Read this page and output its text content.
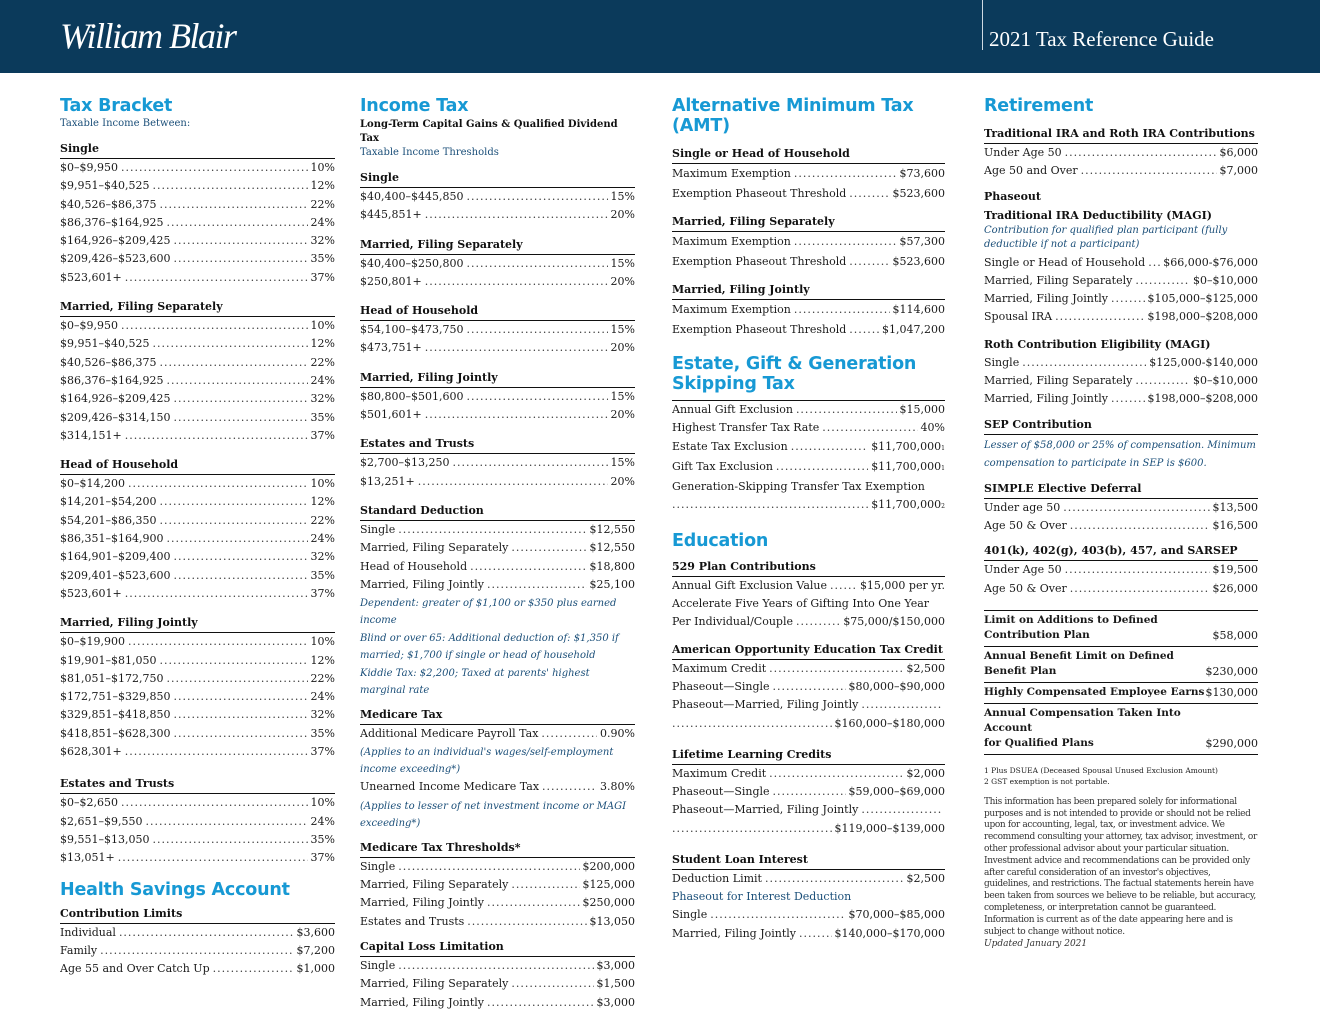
William Blair	2021 Tax Reference Guide
Tax Bracket
Taxable Income Between:
Single
$0–$9,950 .....	10%
$9,951–$40,525 .....	12%
$40,526–$86,375 .....	22%
$86,376–$164,925 .....	24%
$164,926–$209,425 .....	32%
$209,426–$523,600 .....	35%
$523,601+ .....	37%
Married, Filing Separately
$0–$9,950 .....	10%
$9,951–$40,525 .....	12%
$40,526–$86,375 .....	22%
$86,376–$164,925 .....	24%
$164,926–$209,425 .....	32%
$209,426–$314,150 .....	35%
$314,151+ .....	37%
Head of Household
$0–$14,200 .....	10%
$14,201–$54,200 .....	12%
$54,201–$86,350 .....	22%
$86,351–$164,900 .....	24%
$164,901–$209,400 .....	32%
$209,401–$523,600 .....	35%
$523,601+ .....	37%
Married, Filing Jointly
$0–$19,900 .....	10%
$19,901–$81,050 .....	12%
$81,051–$172,750 .....	22%
$172,751–$329,850 .....	24%
$329,851–$418,850 .....	32%
$418,851–$628,300 .....	35%
$628,301+ .....	37%
Estates and Trusts
$0–$2,650 .....	10%
$2,651–$9,550 .....	24%
$9,551–$13,050 .....	35%
$13,051+ .....	37%
Health Savings Account
Contribution Limits
Individual .....	$3,600
Family .....	$7,200
Age 55 and Over Catch Up .....	$1,000
Income Tax
Long-Term Capital Gains & Qualified Dividend Tax
Taxable Income Thresholds
Single
$40,400–$445,850 .....	15%
$445,851+ .....	20%
Married, Filing Separately
$40,400–$250,800 .....	15%
$250,801+ .....	20%
Head of Household
$54,100–$473,750 .....	15%
$473,751+ .....	20%
Married, Filing Jointly
$80,800–$501,600 .....	15%
$501,601+ .....	20%
Estates and Trusts
$2,700–$13,250 .....	15%
$13,251+ .....	20%
Standard Deduction
Single .....	$12,550
Married, Filing Separately .....	$12,550
Head of Household .....	$18,800
Married, Filing Jointly .....	$25,100
Dependent: greater of $1,100 or $350 plus earned income
Blind or over 65: Additional deduction of: $1,350 if married; $1,700 if single or head of household
Kiddie Tax: $2,200; Taxed at parents' highest marginal rate
Medicare Tax
Additional Medicare Payroll Tax .....	0.90%
(Applies to an individual's wages/self-employment income exceeding*)
Unearned Income Medicare Tax .....	3.80%
(Applies to lesser of net investment income or MAGI exceeding*)
Medicare Tax Thresholds*
Single .....	$200,000
Married, Filing Separately .....	$125,000
Married, Filing Jointly .....	$250,000
Estates and Trusts .....	$13,050
Capital Loss Limitation
Single .....	$3,000
Married, Filing Separately .....	$1,500
Married, Filing Jointly .....	$3,000
Alternative Minimum Tax (AMT)
Single or Head of Household
Maximum Exemption .....	$73,600
Exemption Phaseout Threshold .....	$523,600
Married, Filing Separately
Maximum Exemption .....	$57,300
Exemption Phaseout Threshold .....	$523,600
Married, Filing Jointly
Maximum Exemption .....	$114,600
Exemption Phaseout Threshold .....	$1,047,200
Estate, Gift & Generation Skipping Tax
Annual Gift Exclusion .....	$15,000
Highest Transfer Tax Rate .....	40%
Estate Tax Exclusion .....	$11,700,000 1
Gift Tax Exclusion .....	$11,700,000 1
Generation-Skipping Transfer Tax Exemption
.....
$11,700,000 2
Education
529 Plan Contributions
Annual Gift Exclusion Value .....	$15,000 per yr.
Accelerate Five Years of Gifting Into One Year
Per Individual/Couple .....	$75,000/$150,000
American Opportunity Education Tax Credit
Maximum Credit .....	$2,500
Phaseout—Single .....	$80,000–$90,000
Phaseout—Married, Filing Jointly
.....
.....
$160,000–$180,000
Lifetime Learning Credits
Maximum Credit .....	$2,000
Phaseout—Single .....	$59,000–$69,000
Phaseout—Married, Filing Jointly
.....
.....
$119,000–$139,000
Student Loan Interest
Deduction Limit .....	$2,500
Phaseout for Interest Deduction
Single .....	$70,000–$85,000
Married, Filing Jointly .....	$140,000–$170,000
Retirement
Traditional IRA and Roth IRA Contributions
Under Age 50 .....	$6,000
Age 50 and Over .....	$7,000
Phaseout
Traditional IRA Deductibility (MAGI)
Contribution for qualified plan participant (fully deductible if not a participant)
Single or Head of Household ..... $66,000-$76,000
Married, Filing Separately .....	$0–$10,000
Married, Filing Jointly .....	$105,000–$125,000
Spousal IRA .....	$198,000–$208,000
Roth Contribution Eligibility (MAGI)
Single .....	$125,000-$140,000
Married, Filing Separately .....	$0–$10,000
Married, Filing Jointly .....	$198,000–$208,000
SEP Contribution
Lesser of $58,000 or 25% of compensation. Minimum compensation to participate in SEP is $600.
SIMPLE Elective Deferral
Under age 50 .....	$13,500
Age 50 & Over .....	$16,500
401(k), 402(g), 403(b), 457, and SARSEP
Under Age 50 .....	$19,500
Age 50 & Over .....	$26,000
Limit on Additions to Defined
Contribution Plan	$58,000
Annual Benefit Limit on Defined
Benefit Plan	$230,000
Highly Compensated Employee Earns $130,000
Annual Compensation Taken Into Account
for Qualified Plans	$290,000
1 Plus DSUEA (Deceased Spousal Unused Exclusion Amount)
2 GST exemption is not portable.
This information has been prepared solely for informational purposes and is not intended to provide or should not be relied upon for accounting, legal, tax, or investment advice. We recommend consulting your attorney, tax advisor, investment, or other professional advisor about your particular situation. Investment advice and recommendations can be provided only after careful consideration of an investor's objectives, guidelines, and restrictions. The factual statements herein have been taken from sources we believe to be reliable, but accuracy, completeness, or interpretation cannot be guaranteed. Information is current as of the date appearing here and is subject to change without notice.
Updated January 2021
